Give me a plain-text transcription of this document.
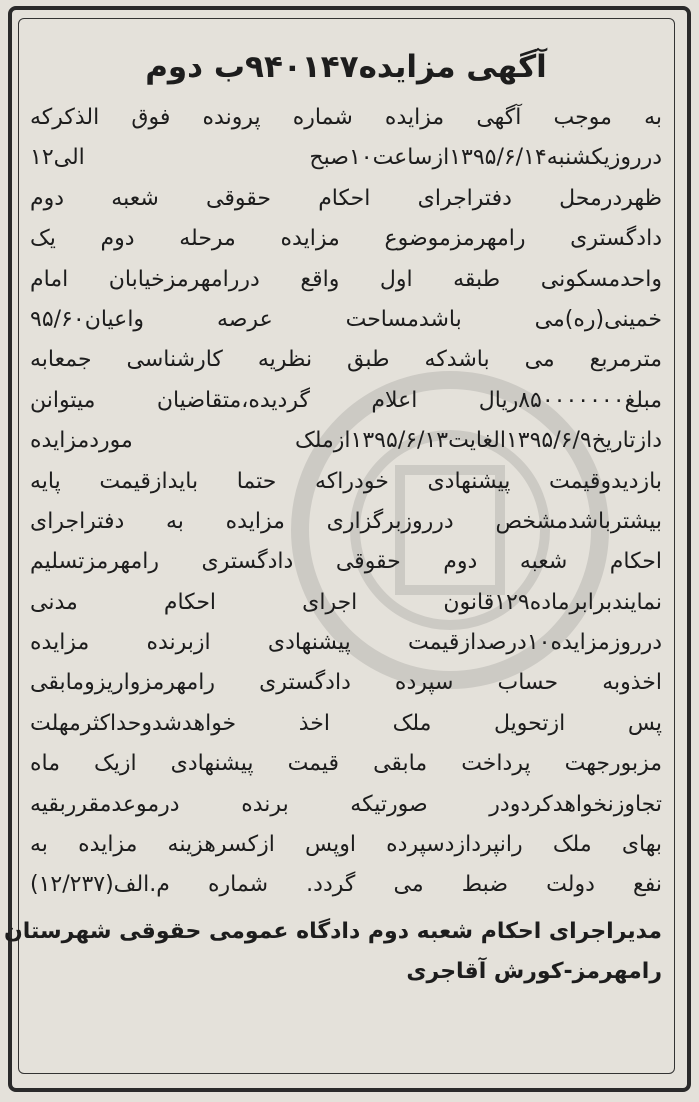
آگهی مزایده۹۴۰۱۴۷ب دوم
به موجب آگهی مزایده شماره پرونده فوق الذکرکه
درروزیکشنبه۱۳۹۵/۶/۱۴ازساعت۱۰صبح الی۱۲
ظهردرمحل دفتراجرای احکام حقوقی شعبه دوم
دادگستری رامهرمزموضوع مزایده مرحله دوم یک
واحدمسکونی طبقه اول واقع دررامهرمزخیابان امام
خمینی(ره)می باشدمساحت عرصه واعیان۹۵/۶۰
مترمربع می باشدکه طبق نظریه کارشناسی جمعابه
مبلغ۸۵۰۰۰۰۰۰۰ریال اعلام گردیده،متقاضیان میتوانن
دازتاریخ۱۳۹۵/۶/۹الغایت۱۳۹۵/۶/۱۳ازملک موردمزایده
بازدیدوقیمت پیشنهادی خودراکه حتما بایدازقیمت پایه
بیشترباشدمشخص درروزبرگزاری مزایده به دفتراجرای
احکام شعبه دوم حقوقی دادگستری رامهرمزتسلیم
نمایندبرابرماده۱۲۹قانون اجرای احکام مدنی
درروزمزایده۱۰درصدازقیمت پیشنهادی ازبرنده مزایده
اخذوبه حساب سپرده دادگستری رامهرمزواریزومابقی
پس ازتحویل ملک اخذ خواهدشدوحداکثرمهلت
مزبورجهت پرداخت مابقی قیمت پیشنهادی ازیک ماه
تجاوزنخواهدکردودر صورتیکه برنده درموعدمقرربقیه
بهای ملک رانپردازدسپرده اوپس ازکسرهزینه مزایده به
نفع دولت ضبط می گردد. شماره م.الف(۱۲/۲۳۷)
مدیراجرای احکام شعبه دوم دادگاه عمومی حقوقی شهرستان
رامهرمز-کورش آقاجری
